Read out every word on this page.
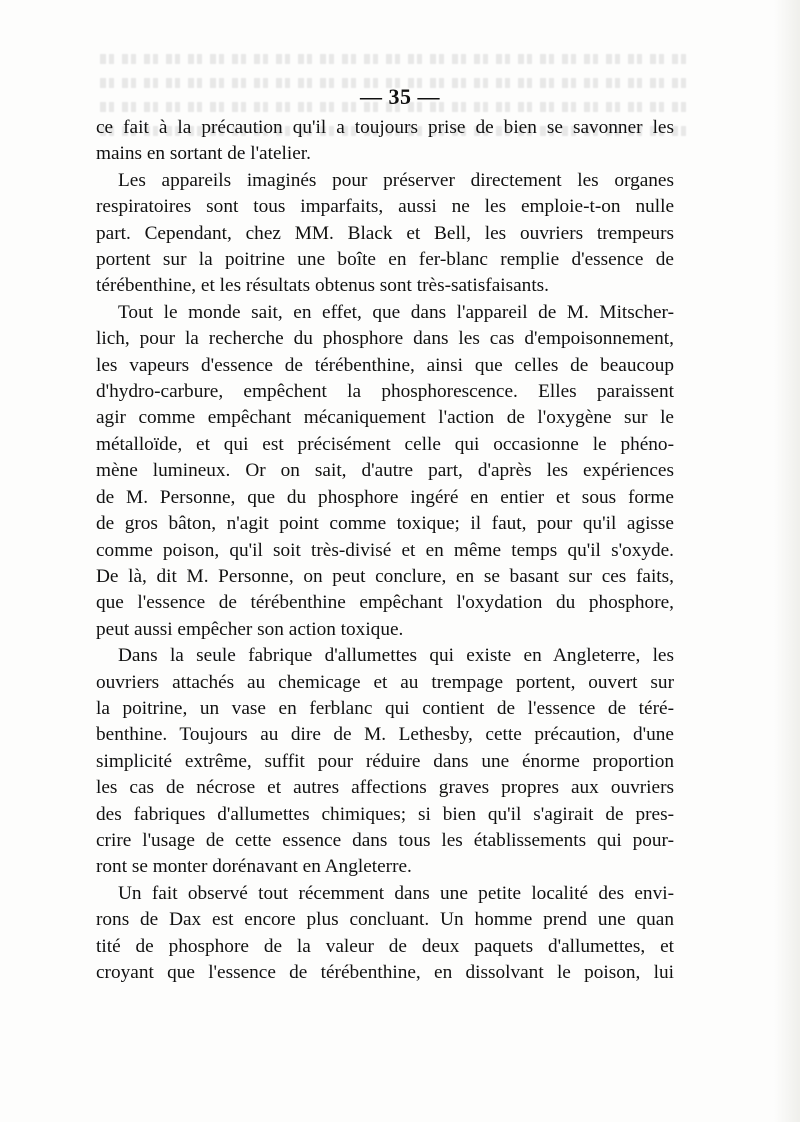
— 35 —

ce fait à la précaution qu'il a toujours prise de bien se savonner les
mains en sortant de l'atelier.

Les appareils imaginés pour préserver directement les organes
respiratoires sont tous imparfaits, aussi ne les emploie-t-on nulle
part. Cependant, chez MM. Black et Bell, les ouvriers trempeurs
portent sur la poitrine une boîte en fer-blanc remplie d'essence de
térébenthine, et les résultats obtenus sont très-satisfaisants.

Tout le monde sait, en effet, que dans l'appareil de M. Mitscher-
lich, pour la recherche du phosphore dans les cas d'empoisonnement,
les vapeurs d'essence de térébenthine, ainsi que celles de beaucoup
d'hydro-carbure, empêchent la phosphorescence. Elles paraissent
agir comme empêchant mécaniquement l'action de l'oxygène sur le
métalloïde, et qui est précisément celle qui occasionne le phéno-
mène lumineux. Or on sait, d'autre part, d'après les expériences
de M. Personne, que du phosphore ingéré en entier et sous forme
de gros bâton, n'agit point comme toxique; il faut, pour qu'il agisse
comme poison, qu'il soit très-divisé et en même temps qu'il s'oxyde.
De là, dit M. Personne, on peut conclure, en se basant sur ces faits,
que l'essence de térébenthine empêchant l'oxydation du phosphore,
peut aussi empêcher son action toxique.

Dans la seule fabrique d'allumettes qui existe en Angleterre, les
ouvriers attachés au chemicage et au trempage portent, ouvert sur
la poitrine, un vase en ferblanc qui contient de l'essence de téré-
benthine. Toujours au dire de M. Lethesby, cette précaution, d'une
simplicité extrême, suffit pour réduire dans une énorme proportion
les cas de nécrose et autres affections graves propres aux ouvriers
des fabriques d'allumettes chimiques; si bien qu'il s'agirait de pres-
crire l'usage de cette essence dans tous les établissements qui pour-
ront se monter dorénavant en Angleterre.

Un fait observé tout récemment dans une petite localité des envi-
rons de Dax est encore plus concluant. Un homme prend une quan
tité de phosphore de la valeur de deux paquets d'allumettes, et
croyant que l'essence de térébenthine, en dissolvant le poison, lui
